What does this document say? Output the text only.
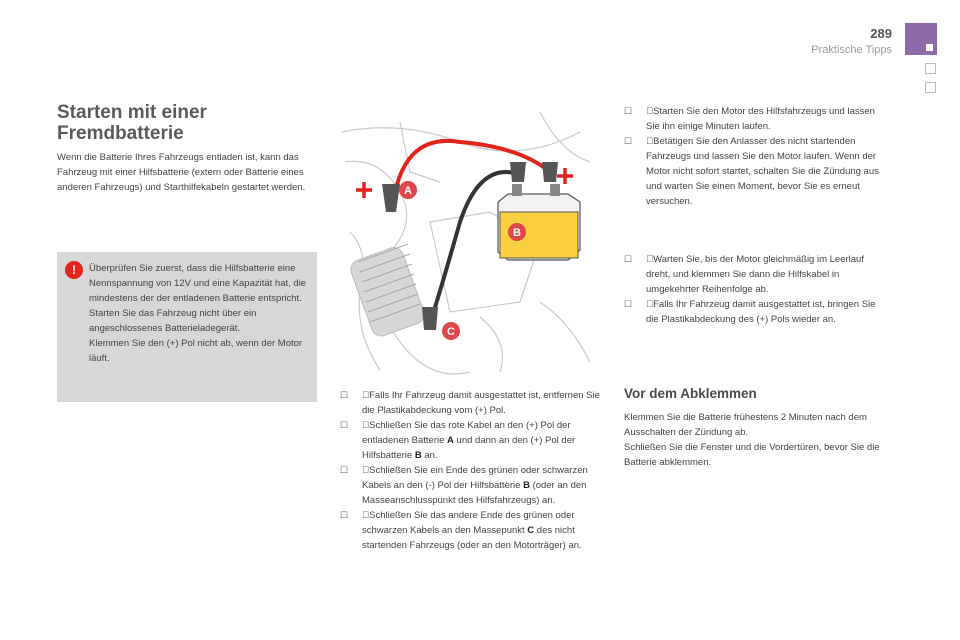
289
Praktische Tipps
Starten mit einer Fremdbatterie

Wenn die Batterie Ihres Fahrzeugs entladen ist, kann das Fahrzeug mit einer Hilfsbatterie (extern oder Batterie eines anderen Fahrzeugs) und Starthilfekabeln gestartet werden.

!	Überprüfen Sie zuerst, dass die Hilfsbatterie eine Nennspannung von 12V und eine Kapazität hat, die mindestens der der entladenen Batterie entspricht.
Starten Sie das Fahrzeug nicht über ein angeschlossenes Batterieladegerät.
Klemmen Sie den (+) Pol nicht ab, wenn der Motor läuft.
A
B
C
☐ Falls Ihr Fahrzeug damit ausgestattet ist, entfernen Sie die Plastikabdeckung vom (+) Pol.
☐ Schließen Sie das rote Kabel an den (+) Pol der entladenen Batterie A und dann an den (+) Pol der Hilfsbatterie B an.
☐ Schließen Sie ein Ende des grünen oder schwarzen Kabels an den (-) Pol der Hilfsbatterie B (oder an den Masseanschlusspunkt des Hilfsfahrzeugs) an.
☐ Schließen Sie das andere Ende des grünen oder schwarzen Kabels an den Massepunkt C des nicht startenden Fahrzeugs (oder an den Motorträger) an.
☐ Starten Sie den Motor des Hilfsfahrzeugs und lassen Sie ihn einige Minuten laufen.
☐ Betätigen Sie den Anlasser des nicht startenden Fahrzeugs und lassen Sie den Motor laufen. Wenn der Motor nicht sofort startet, schalten Sie die Zündung aus und warten Sie einen Moment, bevor Sie es erneut versuchen.
☐ Warten Sie, bis der Motor gleichmäßig im Leerlauf dreht, und klemmen Sie dann die Hilfskabel in umgekehrter Reihenfolge ab.
☐ Falls Ihr Fahrzeug damit ausgestattet ist, bringen Sie die Plastikabdeckung des (+) Pols wieder an.
Vor dem Abklemmen
Klemmen Sie die Batterie frühestens 2 Minuten nach dem Ausschalten der Zündung ab.
Schließen Sie die Fenster und die Vordertüren, bevor Sie die Batterie abklemmen.
